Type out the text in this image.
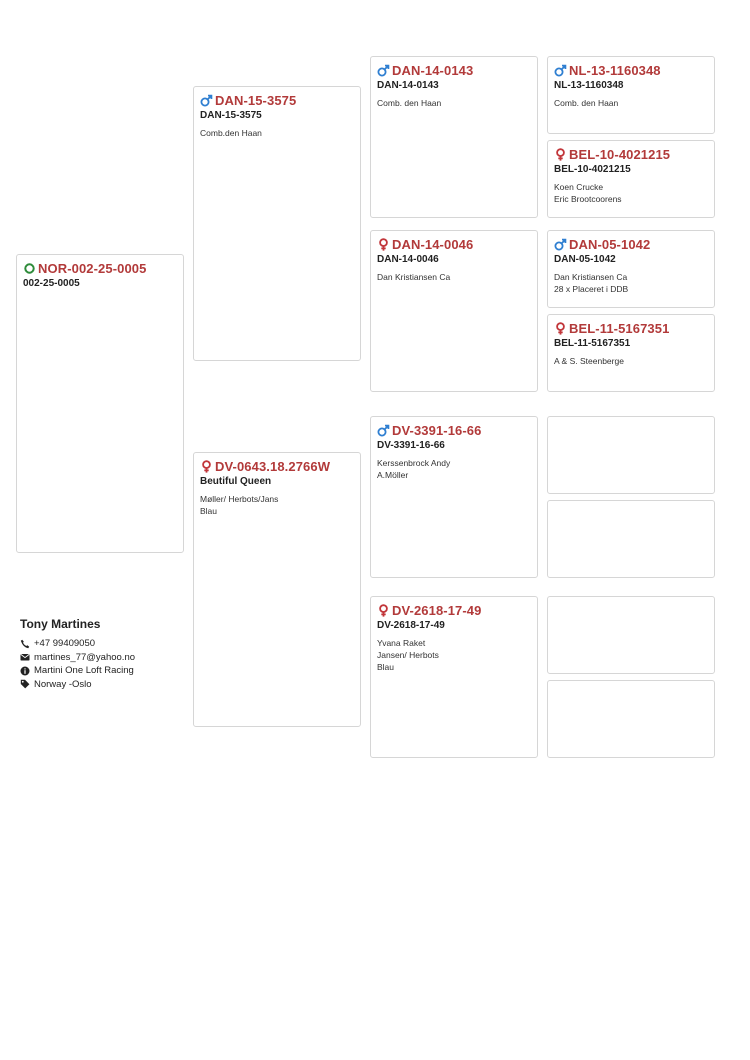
NOR-002-25-0005
002-25-0005
DAN-15-3575
DAN-15-3575
Comb.den Haan
DV-0643.18.2766W
Beutiful Queen
Møller/ Herbots/Jans
Blau
DAN-14-0143
DAN-14-0143
Comb. den Haan
DAN-14-0046
DAN-14-0046
Dan Kristiansen Ca
DV-3391-16-66
DV-3391-16-66
Kerssenbrock Andy
A.Möller
DV-2618-17-49
DV-2618-17-49
Yvana Raket
Jansen/ Herbots
Blau
NL-13-1160348
NL-13-1160348
Comb. den Haan
BEL-10-4021215
BEL-10-4021215
Koen Crucke
Eric Brootcoorens
DAN-05-1042
DAN-05-1042
Dan Kristiansen Ca
28 x Placeret i DDB
BEL-11-5167351
BEL-11-5167351
A & S. Steenberge
Tony Martines
+47 99409050
martines_77@yahoo.no
Martini One Loft Racing
Norway -Oslo
